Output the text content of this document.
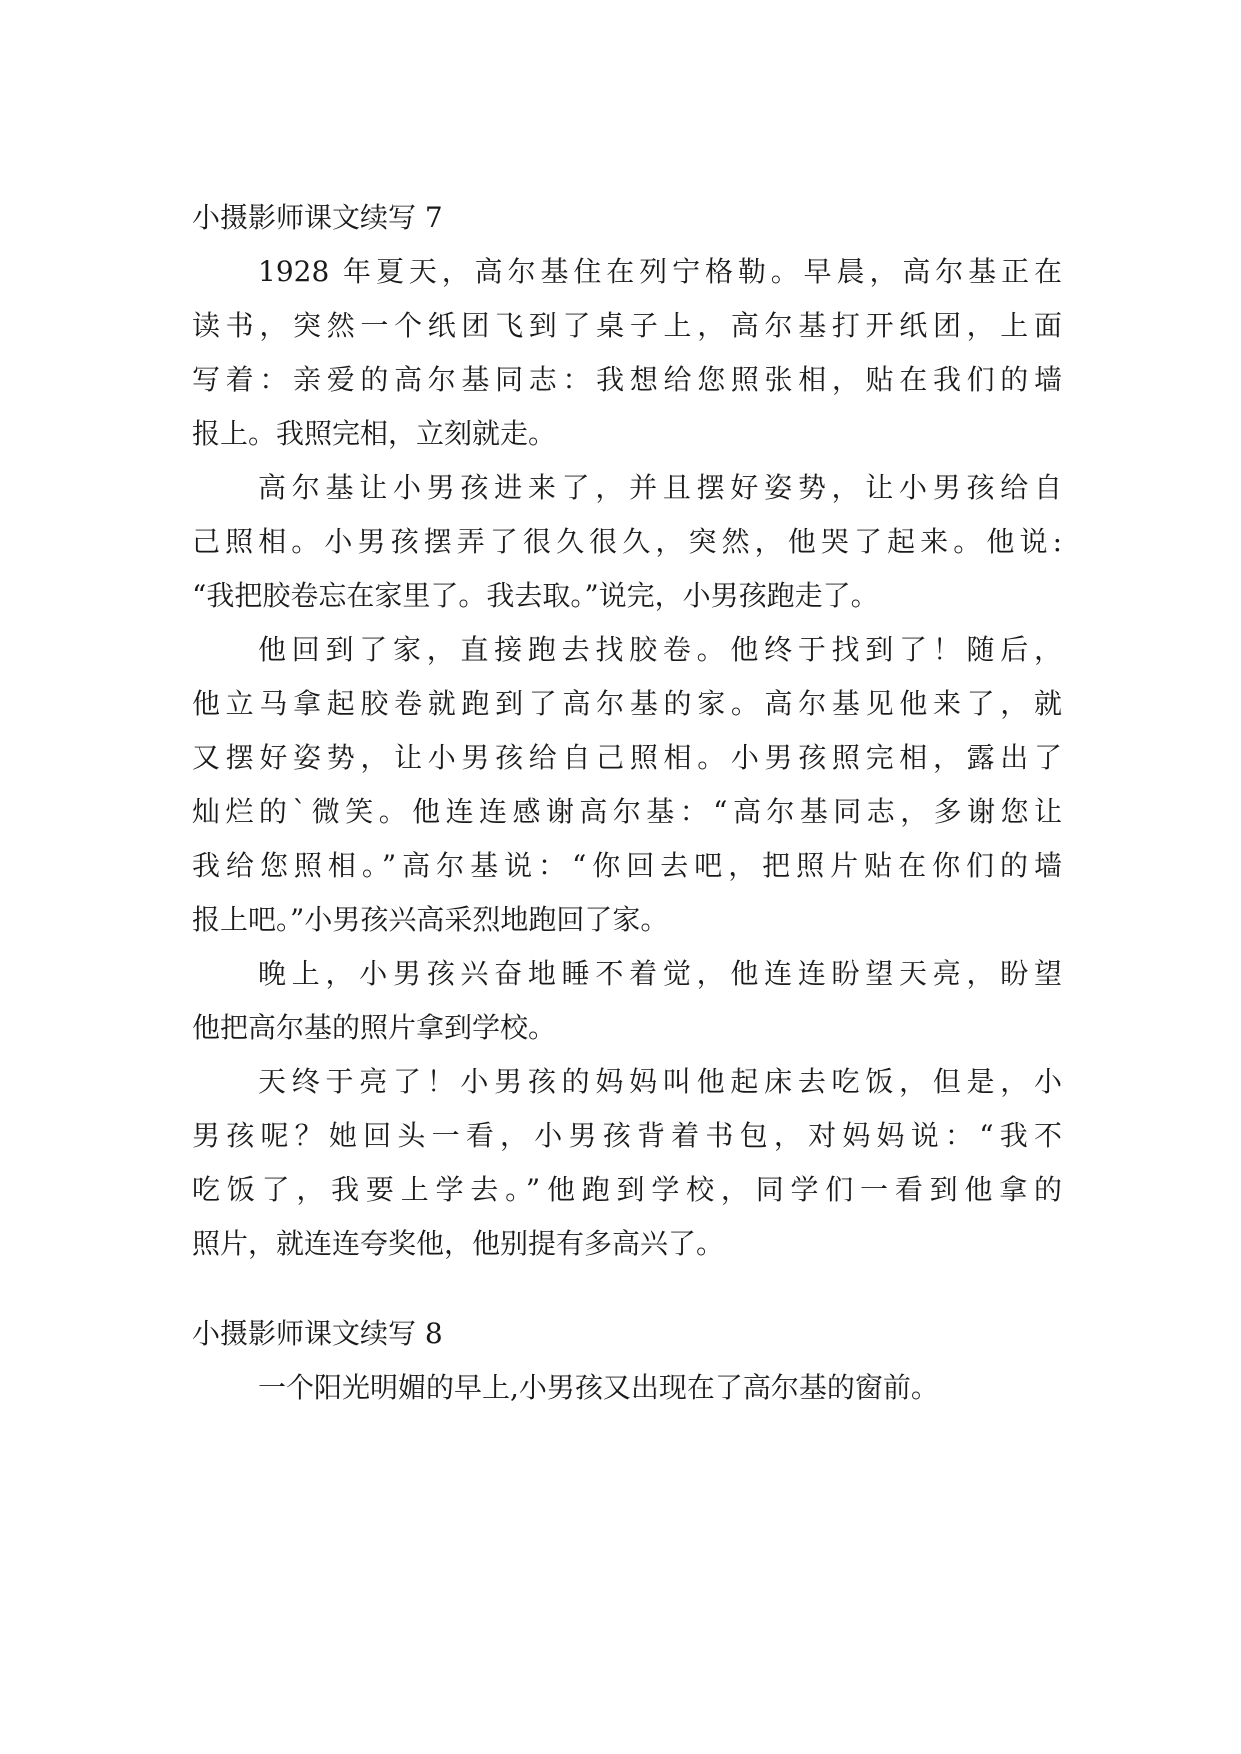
小摄影师课文续写 7
1928 年夏天，高尔基住在列宁格勒。早晨，高尔基正在
读书，突然一个纸团飞到了桌子上，高尔基打开纸团，上面
写着：亲爱的高尔基同志：我想给您照张相，贴在我们的墙
报上。我照完相，立刻就走。
高尔基让小男孩进来了，并且摆好姿势，让小男孩给自
己照相。小男孩摆弄了很久很久，突然，他哭了起来。他说:
“我把胶卷忘在家里了。我去取。”说完，小男孩跑走了。
他回到了家，直接跑去找胶卷。他终于找到了！随后，
他立马拿起胶卷就跑到了高尔基的家。高尔基见他来了，就
又摆好姿势，让小男孩给自己照相。小男孩照完相，露出了
灿烂的`微笑。他连连感谢高尔基：“高尔基同志，多谢您让
我给您照相。”高尔基说：“你回去吧，把照片贴在你们的墙
报上吧。”小男孩兴高采烈地跑回了家。
晚上，小男孩兴奋地睡不着觉，他连连盼望天亮，盼望
他把高尔基的照片拿到学校。
天终于亮了！小男孩的妈妈叫他起床去吃饭，但是，小
男孩呢？她回头一看，小男孩背着书包，对妈妈说：“我不
吃饭了，我要上学去。”他跑到学校，同学们一看到他拿的
照片，就连连夸奖他，他别提有多高兴了。
小摄影师课文续写 8
一个阳光明媚的早上,小男孩又出现在了高尔基的窗前。
